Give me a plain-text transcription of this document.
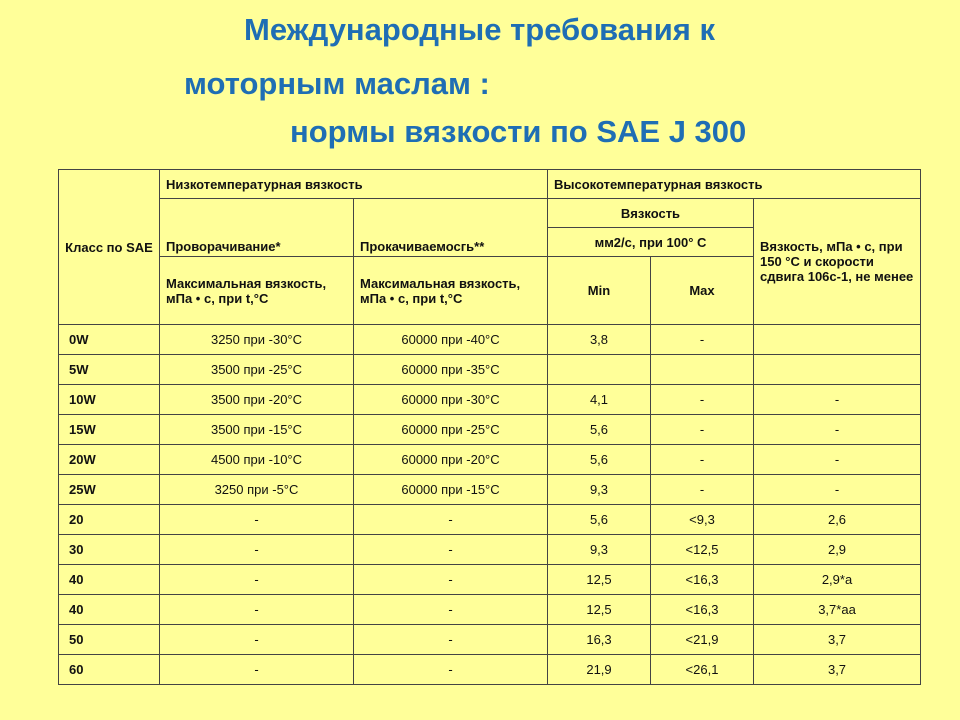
Международные требования к
моторным маслам :
нормы вязкости по SAE J 300
Класс по SAE	Низкотемпературная вязкость		Высокотемпературная вязкость		
	Проворачивание*	Прокачиваемосгь**	Вязкость		Вязкость, мПа • с, при 150 °С и скорости сдвига 106с-1, не менее
			мм2/с, при 100° С		
	Максимальная вязкость, мПа • с, при t,°С	Максимальная вязкость, мПа • с, при t,°С	Min	Max	
0W	3250 при -30°С	60000 при -40°С	3,8	-	
5W	3500 при -25°С	60000 при -35°С			
10W	3500 при -20°С	60000 при -30°С	4,1	-	-
15W	3500 при -15°С	60000 при -25°С	5,6	-	-
20W	4500 при -10°С	60000 при -20°С	5,6	-	-
25W	3250 при -5°С	60000 при -15°С	9,3	-	-
20	-	-	5,6	<9,3	2,6
30	-	-	9,3	<12,5	2,9
40	-	-	12,5	<16,3	2,9*a
40	-	-	12,5	<16,3	3,7*aa
50	-	-	16,3	<21,9	3,7
60	-	-	21,9	<26,1	3,7
